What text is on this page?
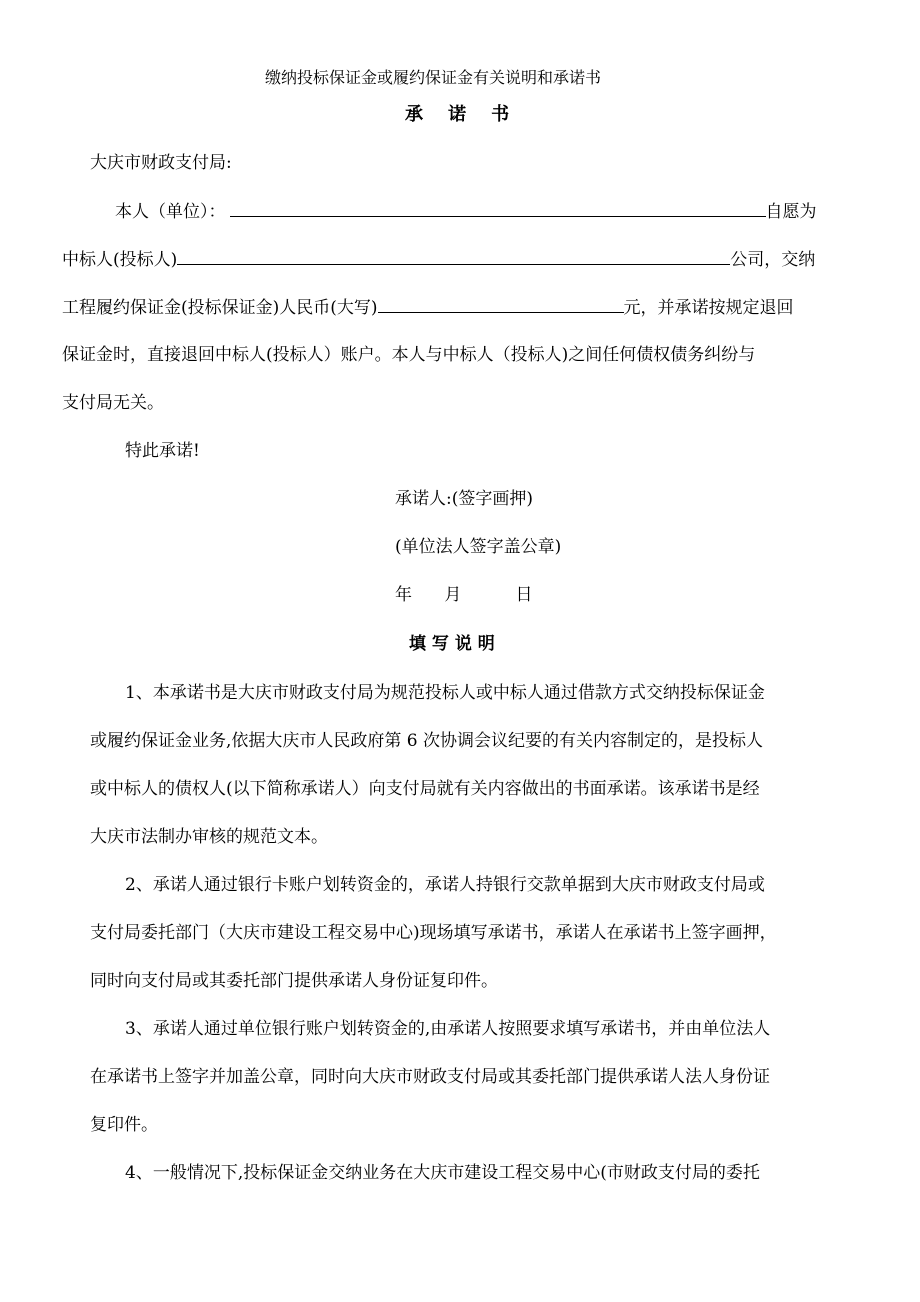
缴纳投标保证金或履约保证金有关说明和承诺书
承    诺    书
大庆市财政支付局:
本人（单位）：	自愿为
中标人(投标人)	公司，交纳
工程履约保证金(投标保证金)人民币(大写)	元，并承诺按规定退回
保证金时，直接退回中标人(投标人）账户。本人与中标人（投标人)之间任何债权债务纠纷与
支付局无关。
特此承诺!
承诺人:(签字画押)
(单位法人签字盖公章)
年      月          日
填 写 说 明
1、本承诺书是大庆市财政支付局为规范投标人或中标人通过借款方式交纳投标保证金
或履约保证金业务,依据大庆市人民政府第 6 次协调会议纪要的有关内容制定的，是投标人
或中标人的债权人(以下简称承诺人）向支付局就有关内容做出的书面承诺。该承诺书是经
大庆市法制办审核的规范文本。
2、承诺人通过银行卡账户划转资金的，承诺人持银行交款单据到大庆市财政支付局或
支付局委托部门（大庆市建设工程交易中心)现场填写承诺书，承诺人在承诺书上签字画押，
同时向支付局或其委托部门提供承诺人身份证复印件。
3、承诺人通过单位银行账户划转资金的,由承诺人按照要求填写承诺书，并由单位法人
在承诺书上签字并加盖公章，同时向大庆市财政支付局或其委托部门提供承诺人法人身份证
复印件。
4、一般情况下,投标保证金交纳业务在大庆市建设工程交易中心(市财政支付局的委托
